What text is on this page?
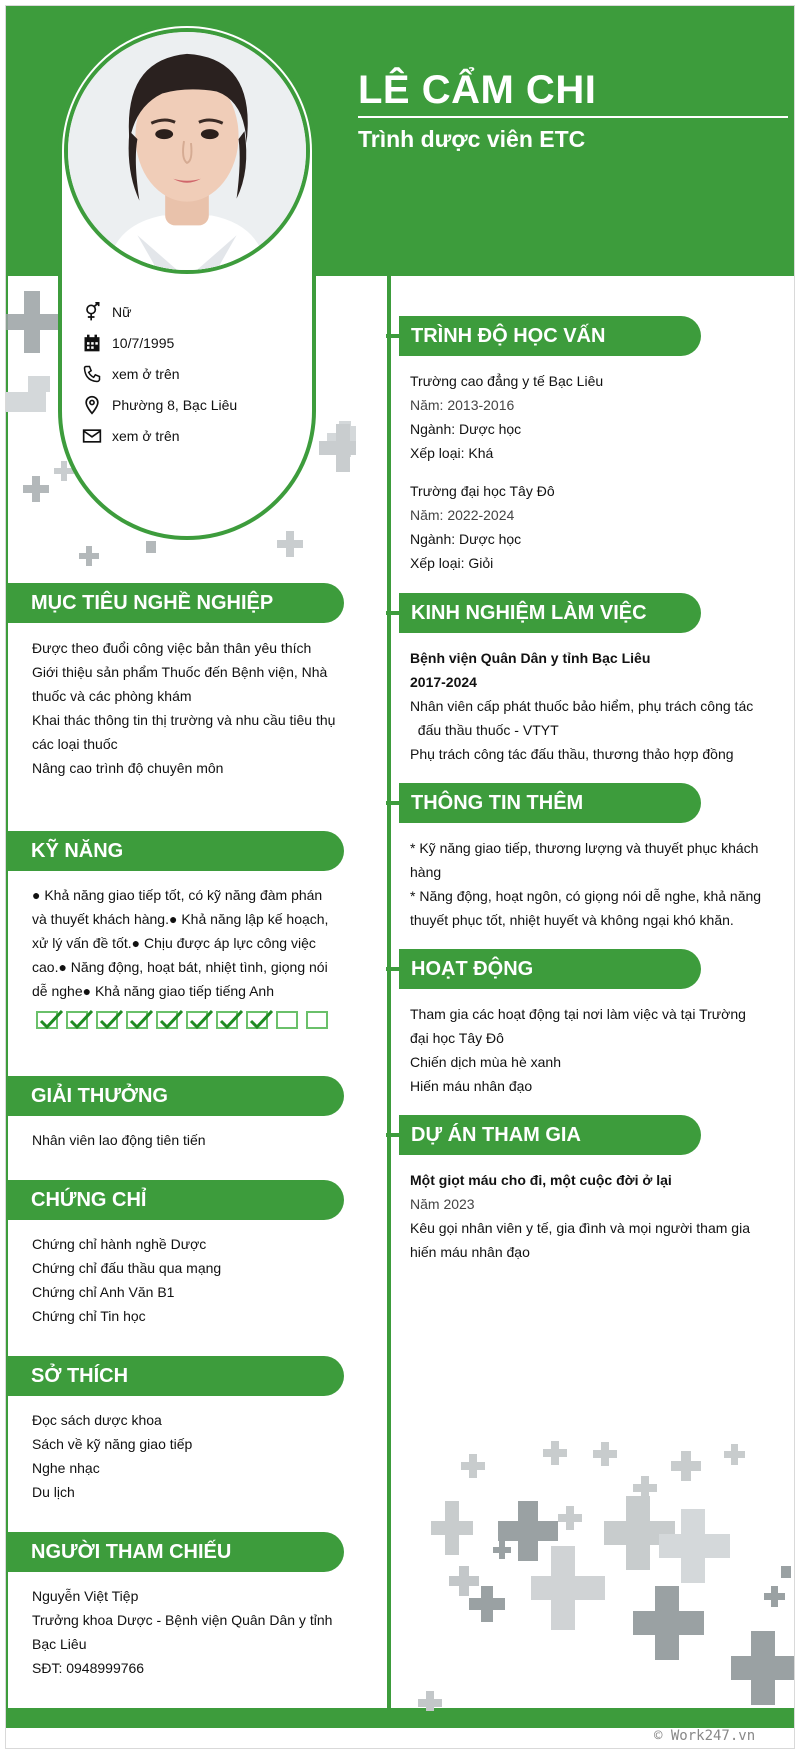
LÊ CẨM CHI
Trình dược viên ETC
Nữ
10/7/1995
xem ở trên
Phường 8, Bạc Liêu
xem ở trên
MỤC TIÊU NGHỀ NGHIỆP
Được theo đuổi công việc bản thân yêu thích
Giới thiệu sản phẩm Thuốc đến Bệnh viện, Nhà
thuốc và các phòng khám
Khai thác thông tin thị trường và nhu cầu tiêu thụ
các loại thuốc
Nâng cao trình độ chuyên môn
KỸ NĂNG
● Khả năng giao tiếp tốt, có kỹ năng đàm phán
và thuyết khách hàng.● Khả năng lập kế hoạch,
xử lý vấn đề tốt.● Chịu được áp lực công việc
cao.● Năng động, hoạt bát, nhiệt tình, giọng nói
dễ nghe● Khả năng giao tiếp tiếng Anh
GIẢI THƯỞNG
Nhân viên lao động tiên tiến
CHỨNG CHỈ
Chứng chỉ hành nghề Dược
Chứng chỉ đấu thầu qua mạng
Chứng chỉ Anh Văn B1
Chứng chỉ Tin học
SỞ THÍCH
Đọc sách dược khoa
Sách về kỹ năng giao tiếp
Nghe nhạc
Du lịch
NGƯỜI THAM CHIẾU
Nguyễn Việt Tiệp
Trưởng khoa Dược - Bệnh viện Quân Dân y tỉnh
Bạc Liêu
SĐT: 0948999766
TRÌNH ĐỘ HỌC VẤN
Trường cao đẳng y tế Bạc Liêu
Năm: 2013-2016
Ngành: Dược học
Xếp loại: Khá
Trường đại học Tây Đô
Năm: 2022-2024
Ngành: Dược học
Xếp loại: Giỏi
KINH NGHIỆM LÀM VIỆC
Bệnh viện Quân Dân y tỉnh Bạc Liêu
2017-2024
Nhân viên cấp phát thuốc bảo hiểm, phụ trách công tác
đấu thầu thuốc - VTYT
Phụ trách công tác đấu thầu, thương thảo hợp đồng
THÔNG TIN THÊM
* Kỹ năng giao tiếp, thương lượng và thuyết phục khách
hàng
* Năng động, hoạt ngôn, có giọng nói dễ nghe, khả năng
thuyết phục tốt, nhiệt huyết và không ngại khó khăn.
HOẠT ĐỘNG
Tham gia các hoạt động tại nơi làm việc và tại Trường
đại học Tây Đô
Chiến dịch mùa hè xanh
Hiến máu nhân đạo
DỰ ÁN THAM GIA
Một giọt máu cho đi, một cuộc đời ở lại
Năm 2023
Kêu gọi nhân viên y tế, gia đình và mọi người tham gia
hiến máu nhân đạo
© Work247.vn
